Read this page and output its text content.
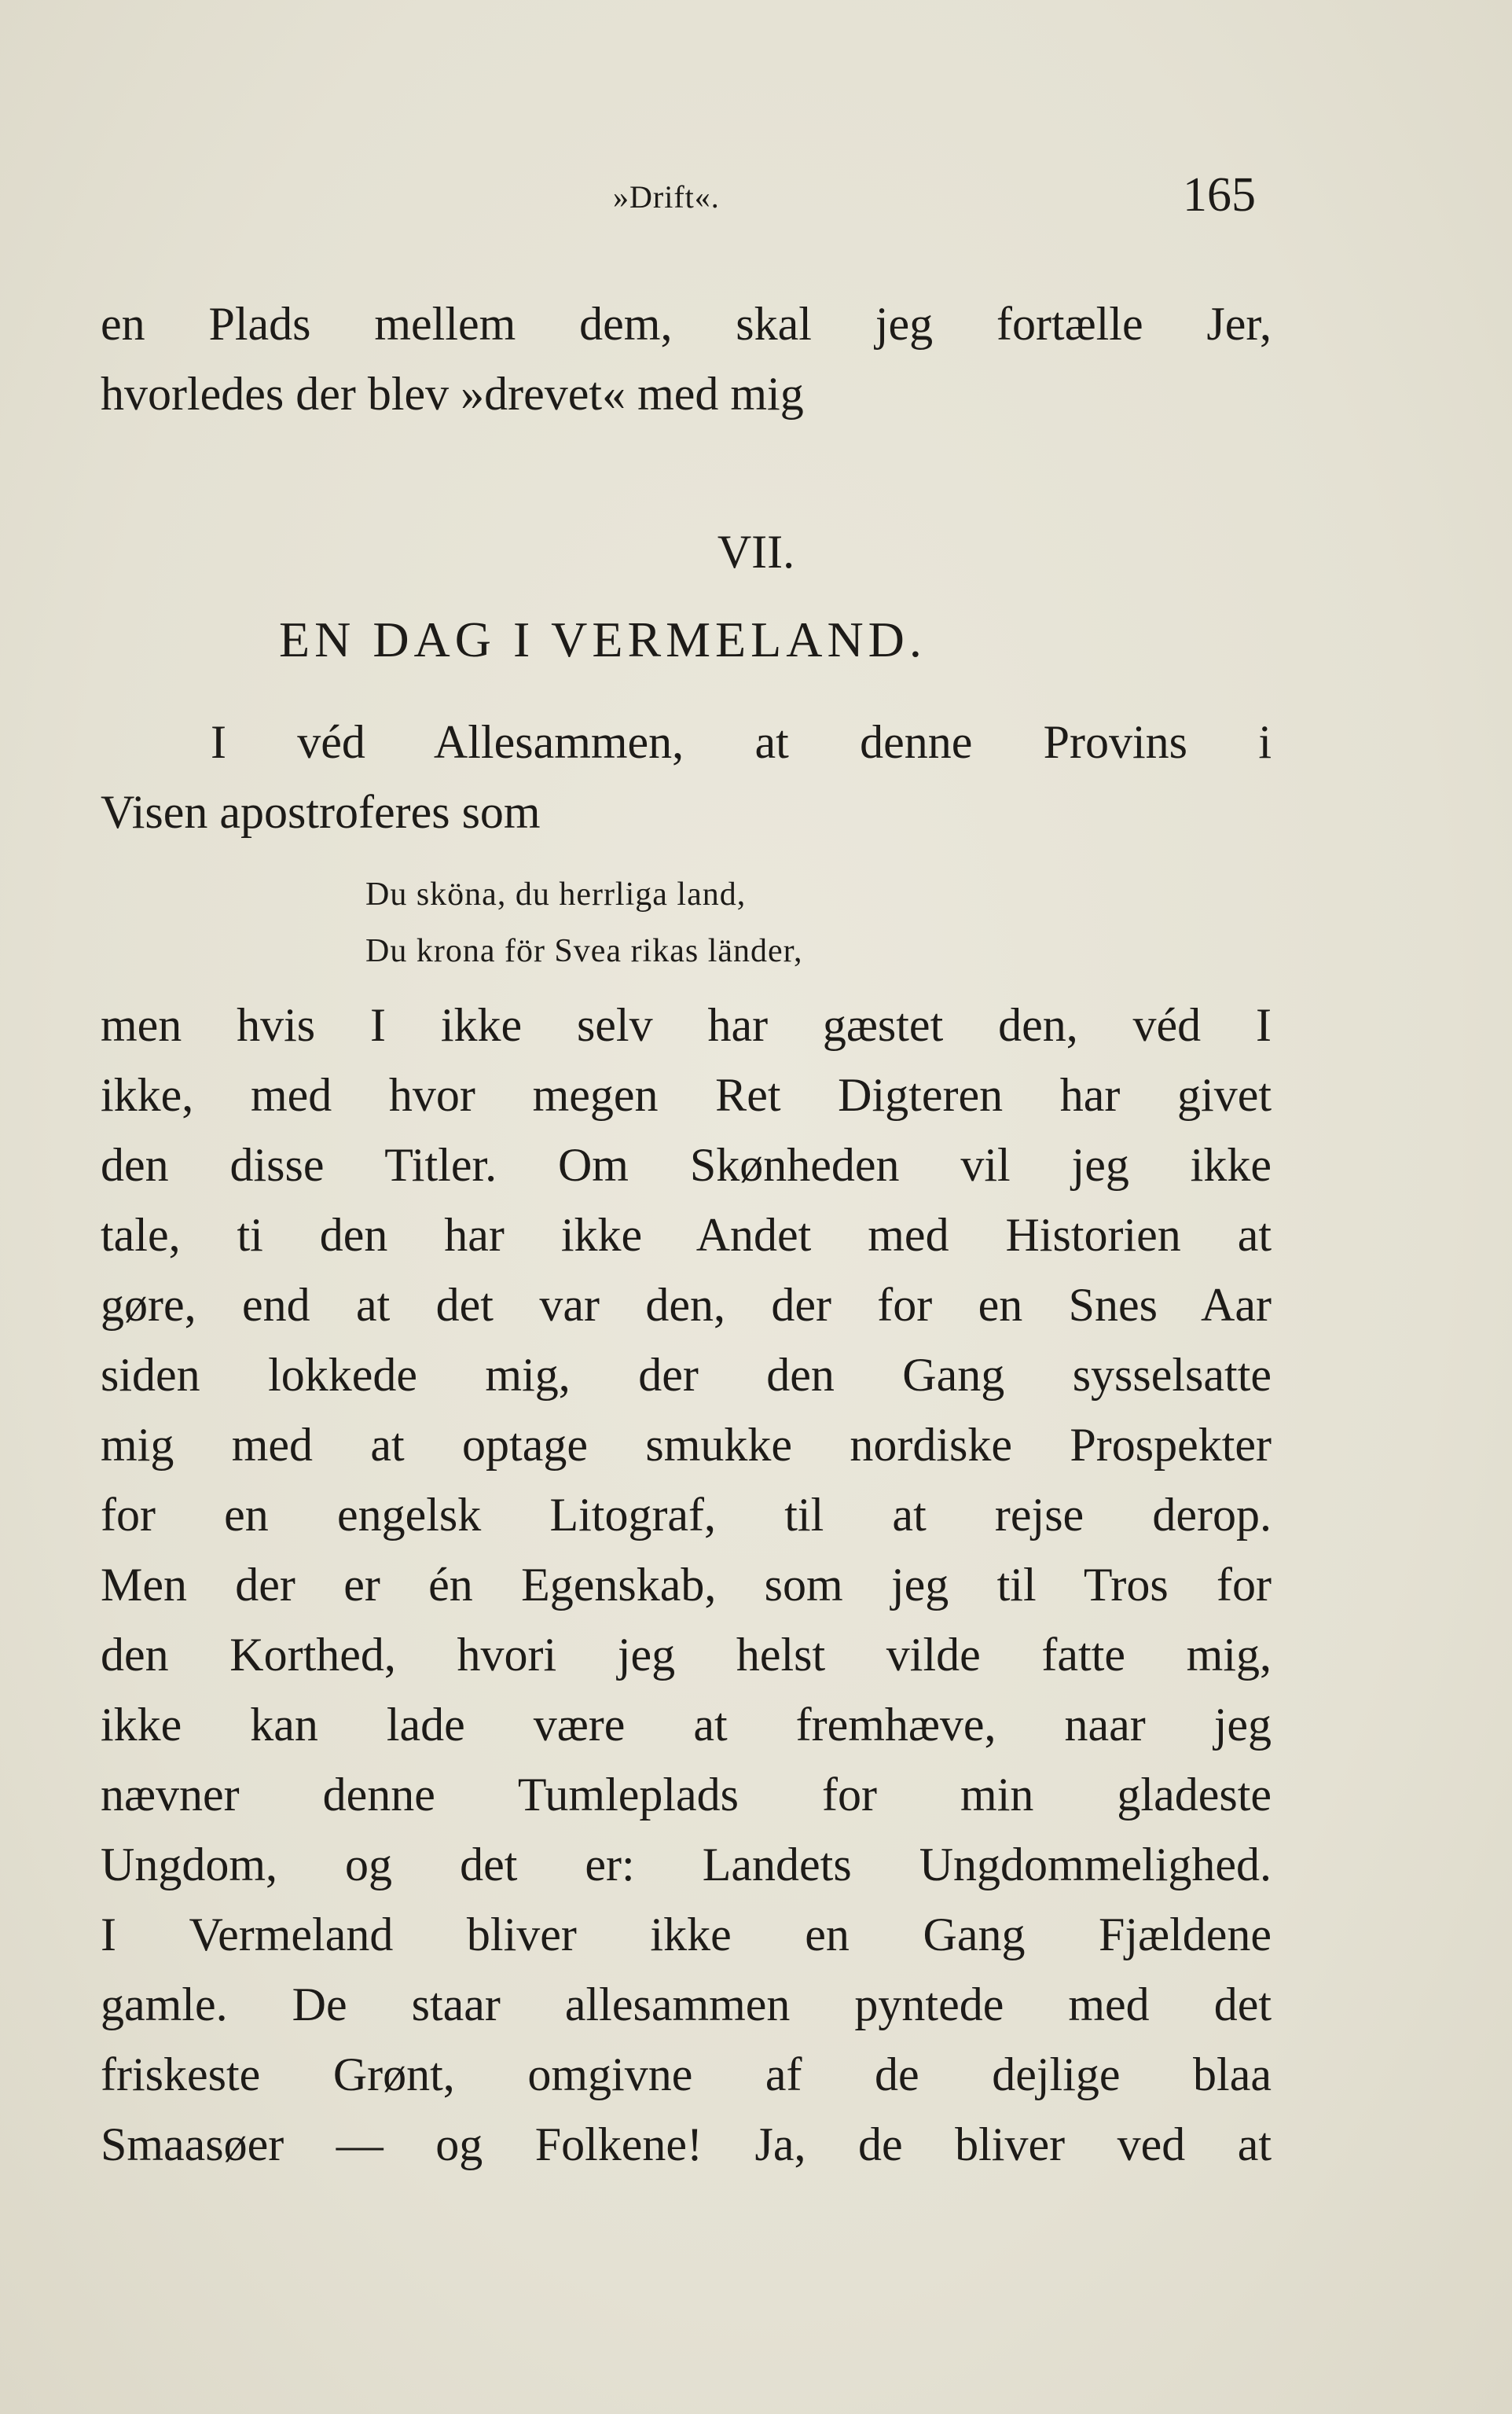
»Drift«.	165
en Plads mellem dem, skal jeg fortælle Jer,
hvorledes der blev »drevet« med mig
VII.
EN DAG I VERMELAND.
I véd Allesammen, at denne Provins i
Visen apostroferes som
Du sköna, du herrliga land,
Du krona för Svea rikas länder,
men hvis I ikke selv har gæstet den, véd I
ikke, med hvor megen Ret Digteren har givet
den disse Titler. Om Skønheden vil jeg ikke
tale, ti den har ikke Andet med Historien at
gøre, end at det var den, der for en Snes Aar
siden lokkede mig, der den Gang sysselsatte
mig med at optage smukke nordiske Prospekter
for en engelsk Litograf, til at rejse derop.
Men der er én Egenskab, som jeg til Tros for
den Korthed, hvori jeg helst vilde fatte mig,
ikke kan lade være at fremhæve, naar jeg
nævner denne Tumleplads for min gladeste
Ungdom, og det er: Landets Ungdommelighed.
I Vermeland bliver ikke en Gang Fjældene
gamle. De staar allesammen pyntede med det
friskeste Grønt, omgivne af de dejlige blaa
Smaasøer — og Folkene! Ja, de bliver ved at
